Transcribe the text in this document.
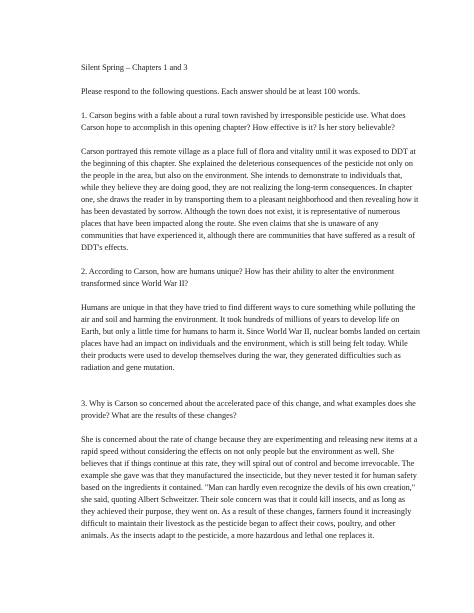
Silent Spring – Chapters 1 and 3

Please respond to the following questions. Each answer should be at least 100 words.

1. Carson begins with a fable about a rural town ravished by irresponsible pesticide use. What does Carson hope to accomplish in this opening chapter? How effective is it? Is her story believable?

Carson portrayed this remote village as a place full of flora and vitality until it was exposed to DDT at the beginning of this chapter. She explained the deleterious consequences of the pesticide not only on the people in the area, but also on the environment. She intends to demonstrate to individuals that, while they believe they are doing good, they are not realizing the long-term consequences. In chapter one, she draws the reader in by transporting them to a pleasant neighborhood and then revealing how it has been devastated by sorrow. Although the town does not exist, it is representative of numerous places that have been impacted along the route. She even claims that she is unaware of any communities that have experienced it, although there are communities that have suffered as a result of DDT's effects.

2. According to Carson, how are humans unique? How has their ability to alter the environment transformed since World War II?

Humans are unique in that they have tried to find different ways to cure something while polluting the air and soil and harming the environment. It took hundreds of millions of years to develop life on Earth, but only a little time for humans to harm it. Since World War II, nuclear bombs landed on certain places have had an impact on individuals and the environment, which is still being felt today. While their products were used to develop themselves during the war, they generated difficulties such as radiation and gene mutation.

3. Why is Carson so concerned about the accelerated pace of this change, and what examples does she provide? What are the results of these changes?

She is concerned about the rate of change because they are experimenting and releasing new items at a rapid speed without considering the effects on not only people but the environment as well. She believes that if things continue at this rate, they will spiral out of control and become irrevocable. The example she gave was that they manufactured the insecticide, but they never tested it for human safety based on the ingredients it contained. "Man can hardly even recognize the devils of his own creation," she said, quoting Albert Schweitzer. Their sole concern was that it could kill insects, and as long as they achieved their purpose, they went on. As a result of these changes, farmers found it increasingly difficult to maintain their livestock as the pesticide began to affect their cows, poultry, and other animals. As the insects adapt to the pesticide, a more hazardous and lethal one replaces it.
